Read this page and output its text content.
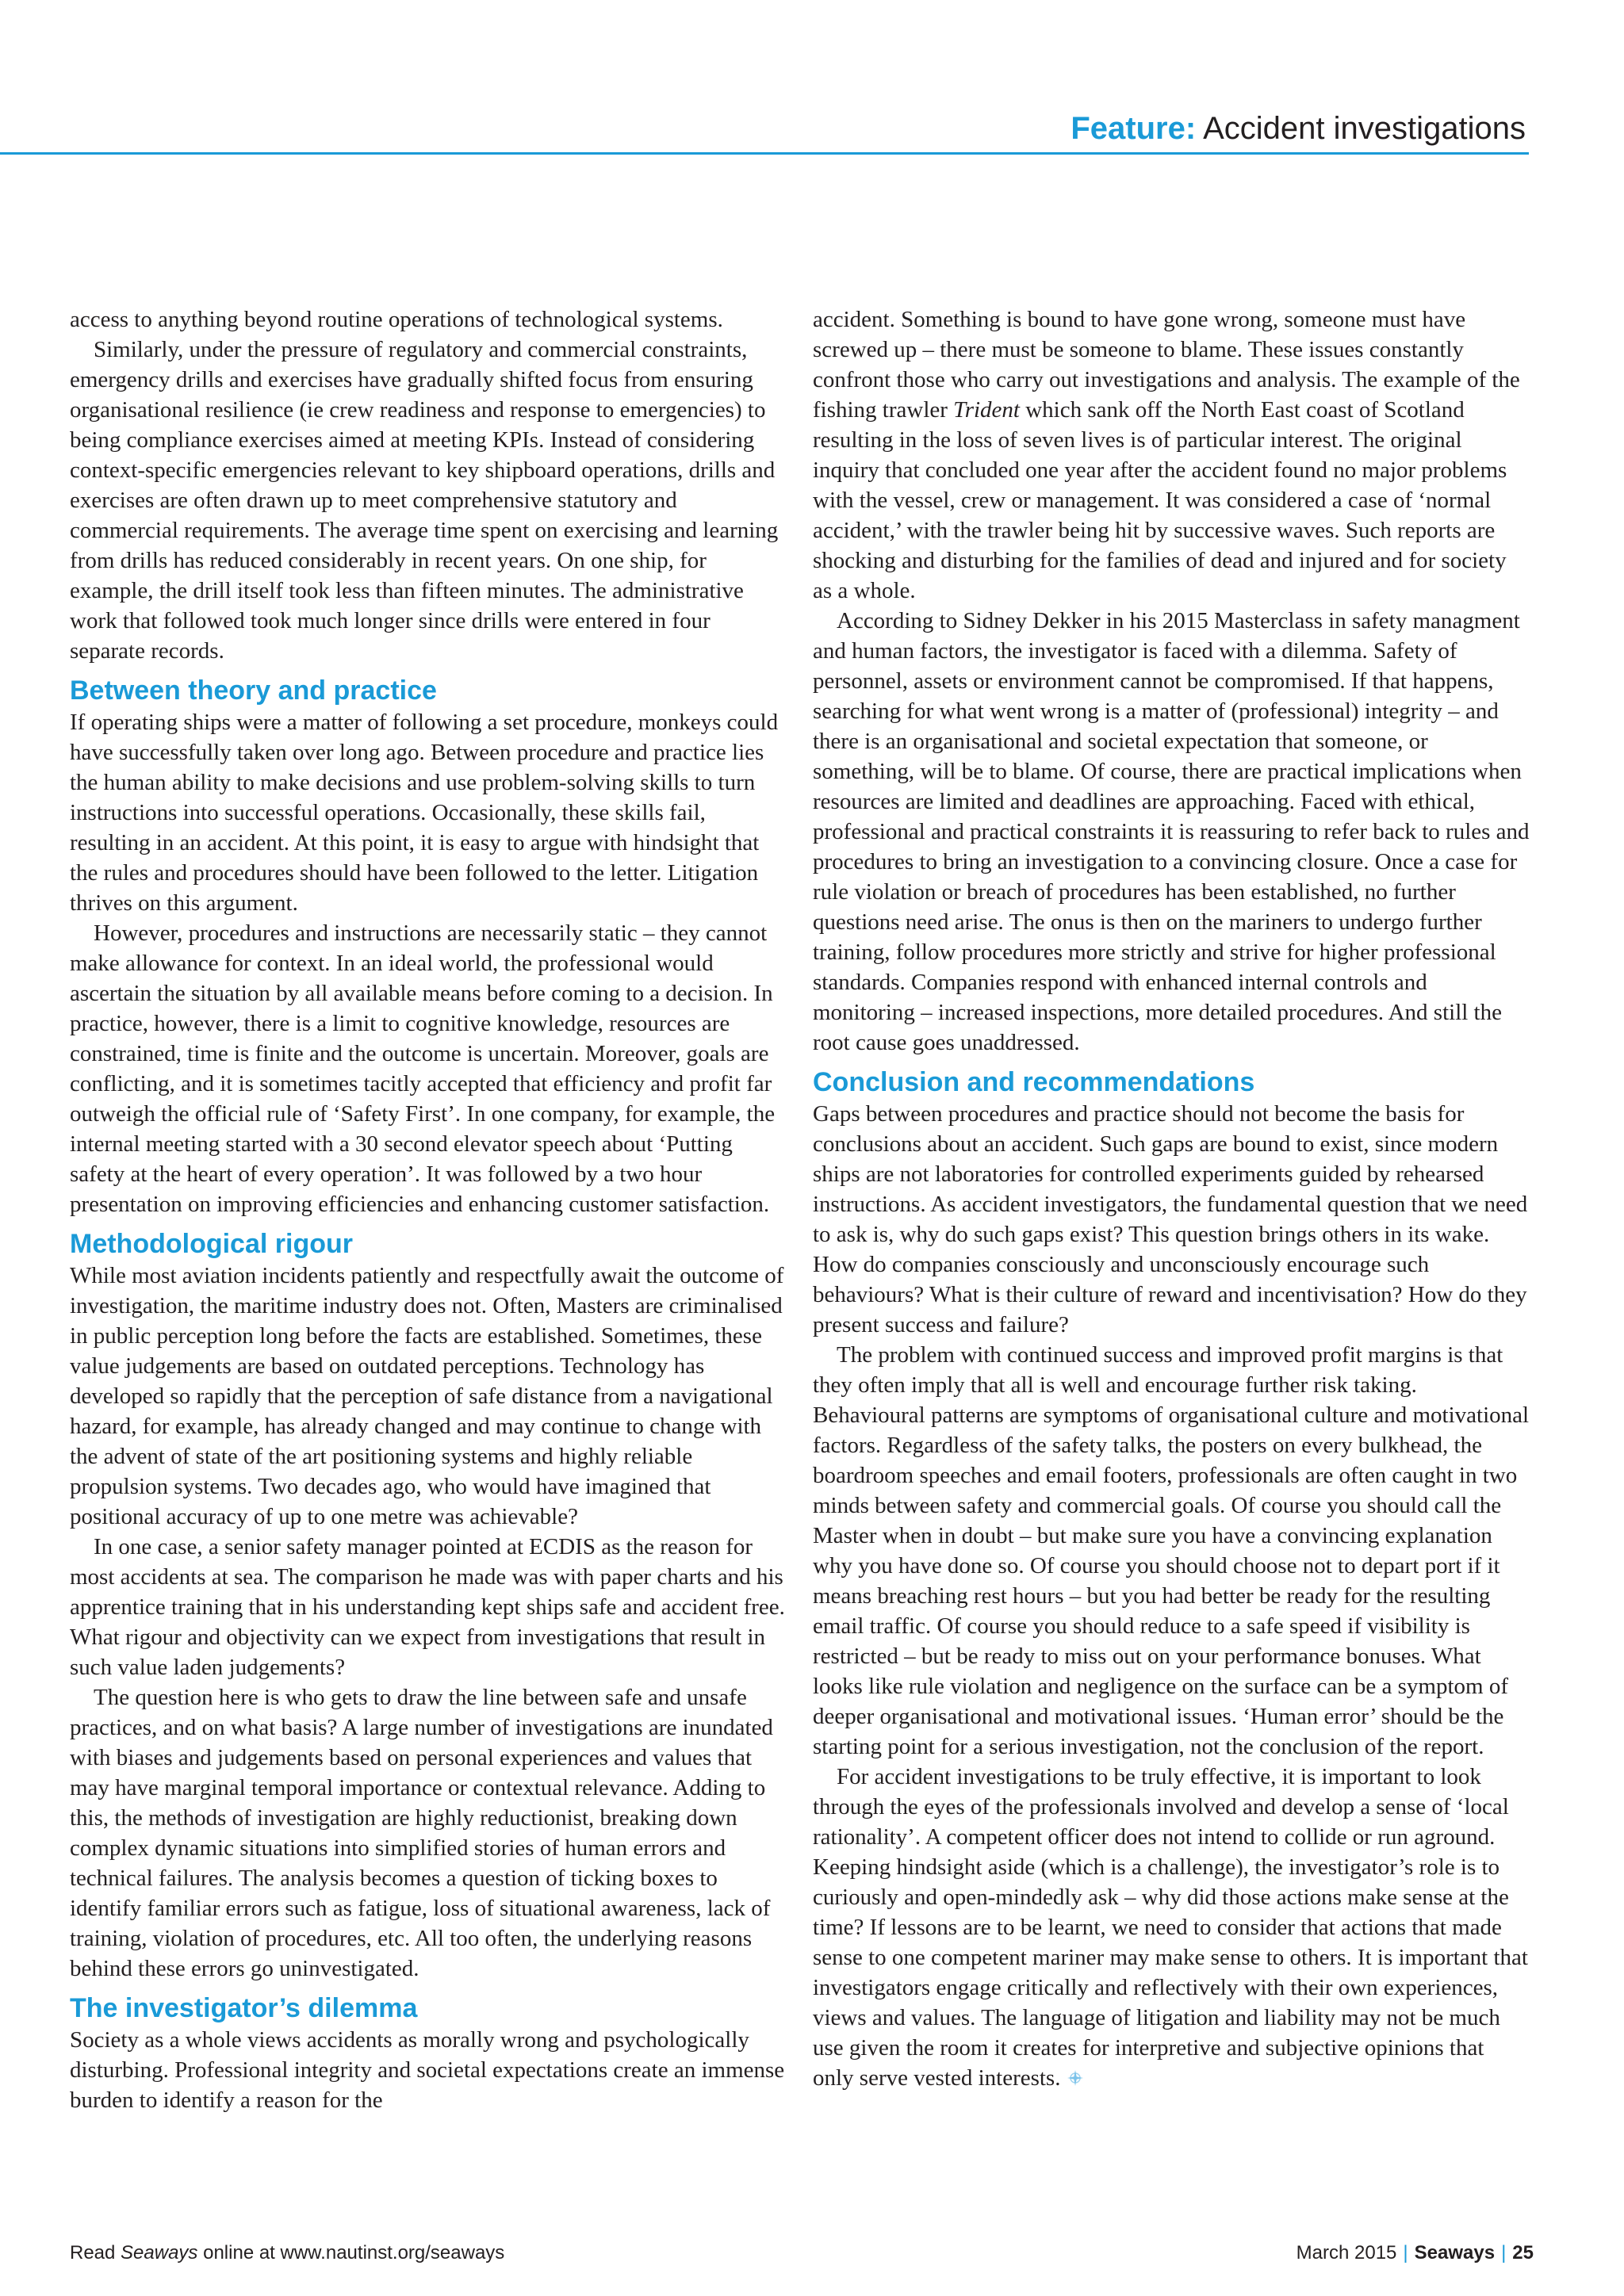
Feature: Accident investigations

access to anything beyond routine operations of technological systems.

Similarly, under the pressure of regulatory and commercial constraints, emergency drills and exercises have gradually shifted focus from ensuring organisational resilience (ie crew readiness and response to emergencies) to being compliance exercises aimed at meeting KPIs. Instead of considering context-specific emergencies relevant to key shipboard operations, drills and exercises are often drawn up to meet comprehensive statutory and commercial requirements. The average time spent on exercising and learning from drills has reduced considerably in recent years. On one ship, for example, the drill itself took less than fifteen minutes. The administrative work that followed took much longer since drills were entered in four separate records.

Between theory and practice

If operating ships were a matter of following a set procedure, monkeys could have successfully taken over long ago. Between procedure and practice lies the human ability to make decisions and use problem-solving skills to turn instructions into successful operations. Occasionally, these skills fail, resulting in an accident. At this point, it is easy to argue with hindsight that the rules and procedures should have been followed to the letter. Litigation thrives on this argument.

However, procedures and instructions are necessarily static – they cannot make allowance for context. In an ideal world, the professional would ascertain the situation by all available means before coming to a decision. In practice, however, there is a limit to cognitive knowledge, resources are constrained, time is finite and the outcome is uncertain. Moreover, goals are conflicting, and it is sometimes tacitly accepted that efficiency and profit far outweigh the official rule of ‘Safety First’. In one company, for example, the internal meeting started with a 30 second elevator speech about ‘Putting safety at the heart of every operation’. It was followed by a two hour presentation on improving efficiencies and enhancing customer satisfaction.

Methodological rigour

While most aviation incidents patiently and respectfully await the outcome of investigation, the maritime industry does not. Often, Masters are criminalised in public perception long before the facts are established. Sometimes, these value judgements are based on outdated perceptions. Technology has developed so rapidly that the perception of safe distance from a navigational hazard, for example, has already changed and may continue to change with the advent of state of the art positioning systems and highly reliable propulsion systems. Two decades ago, who would have imagined that positional accuracy of up to one metre was achievable?

In one case, a senior safety manager pointed at ECDIS as the reason for most accidents at sea. The comparison he made was with paper charts and his apprentice training that in his understanding kept ships safe and accident free. What rigour and objectivity can we expect from investigations that result in such value laden judgements?

The question here is who gets to draw the line between safe and unsafe practices, and on what basis? A large number of investigations are inundated with biases and judgements based on personal experiences and values that may have marginal temporal importance or contextual relevance. Adding to this, the methods of investigation are highly reductionist, breaking down complex dynamic situations into simplified stories of human errors and technical failures. The analysis becomes a question of ticking boxes to identify familiar errors such as fatigue, loss of situational awareness, lack of training, violation of procedures, etc. All too often, the underlying reasons behind these errors go uninvestigated.

The investigator’s dilemma

Society as a whole views accidents as morally wrong and psychologically disturbing. Professional integrity and societal expectations create an immense burden to identify a reason for the

accident. Something is bound to have gone wrong, someone must have screwed up – there must be someone to blame. These issues constantly confront those who carry out investigations and analysis. The example of the fishing trawler Trident which sank off the North East coast of Scotland resulting in the loss of seven lives is of particular interest. The original inquiry that concluded one year after the accident found no major problems with the vessel, crew or management. It was considered a case of ‘normal accident,’ with the trawler being hit by successive waves. Such reports are shocking and disturbing for the families of dead and injured and for society as a whole.

According to Sidney Dekker in his 2015 Masterclass in safety managment and human factors, the investigator is faced with a dilemma. Safety of personnel, assets or environment cannot be compromised. If that happens, searching for what went wrong is a matter of (professional) integrity – and there is an organisational and societal expectation that someone, or something, will be to blame. Of course, there are practical implications when resources are limited and deadlines are approaching. Faced with ethical, professional and practical constraints it is reassuring to refer back to rules and procedures to bring an investigation to a convincing closure. Once a case for rule violation or breach of procedures has been established, no further questions need arise. The onus is then on the mariners to undergo further training, follow procedures more strictly and strive for higher professional standards. Companies respond with enhanced internal controls and monitoring – increased inspections, more detailed procedures. And still the root cause goes unaddressed.

Conclusion and recommendations

Gaps between procedures and practice should not become the basis for conclusions about an accident. Such gaps are bound to exist, since modern ships are not laboratories for controlled experiments guided by rehearsed instructions. As accident investigators, the fundamental question that we need to ask is, why do such gaps exist? This question brings others in its wake. How do companies consciously and unconsciously encourage such behaviours? What is their culture of reward and incentivisation? How do they present success and failure?

The problem with continued success and improved profit margins is that they often imply that all is well and encourage further risk taking. Behavioural patterns are symptoms of organisational culture and motivational factors. Regardless of the safety talks, the posters on every bulkhead, the boardroom speeches and email footers, professionals are often caught in two minds between safety and commercial goals. Of course you should call the Master when in doubt – but make sure you have a convincing explanation why you have done so. Of course you should choose not to depart port if it means breaching rest hours – but you had better be ready for the resulting email traffic. Of course you should reduce to a safe speed if visibility is restricted – but be ready to miss out on your performance bonuses. What looks like rule violation and negligence on the surface can be a symptom of deeper organisational and motivational issues. ‘Human error’ should be the starting point for a serious investigation, not the conclusion of the report.

For accident investigations to be truly effective, it is important to look through the eyes of the professionals involved and develop a sense of ‘local rationality’. A competent officer does not intend to collide or run aground. Keeping hindsight aside (which is a challenge), the investigator’s role is to curiously and open-mindedly ask – why did those actions make sense at the time? If lessons are to be learnt, we need to consider that actions that made sense to one competent mariner may make sense to others. It is important that investigators engage critically and reflectively with their own experiences, views and values. The language of litigation and liability may not be much use given the room it creates for interpretive and subjective opinions that only serve vested interests.

Read Seaways online at www.nautinst.org/seaways	March 2015 | Seaways | 25
